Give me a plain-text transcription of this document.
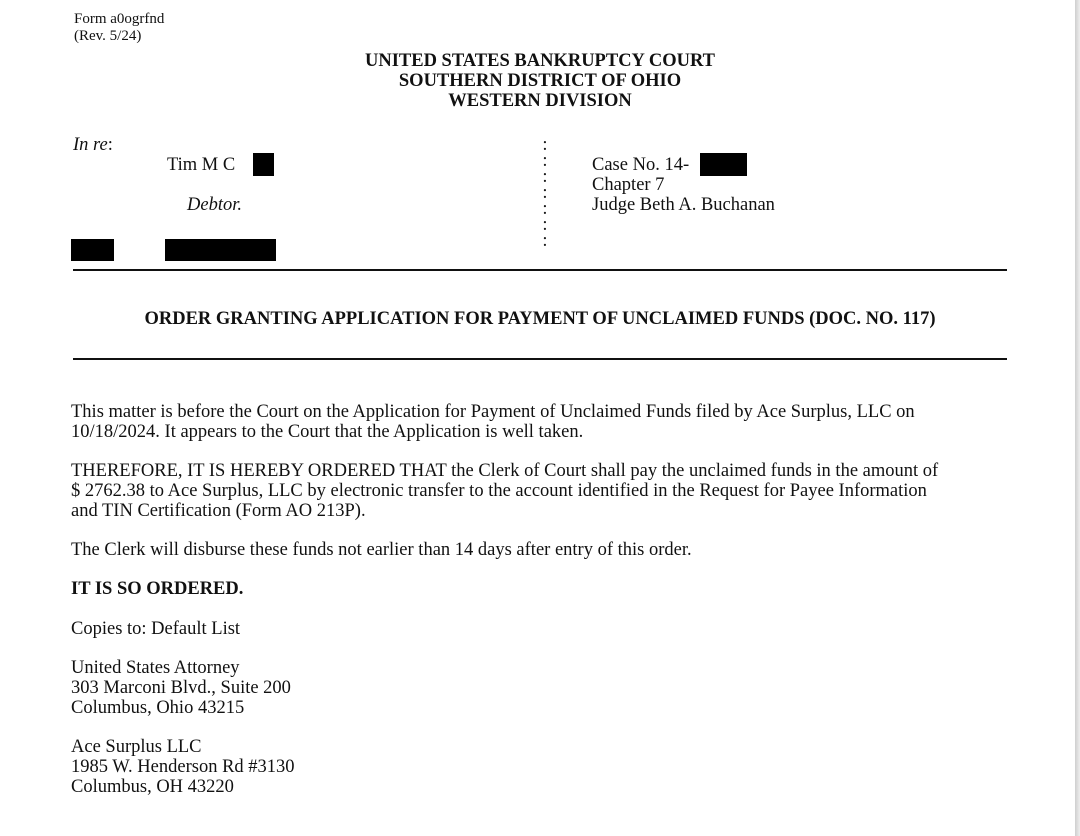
Form a0ogrfnd
(Rev. 5/24)
UNITED STATES BANKRUPTCY COURT
SOUTHERN DISTRICT OF OHIO
WESTERN DIVISION
In re:
Tim M C
Debtor.
:
:
:
:
:
:
:
Case No. 14-
Chapter 7
Judge Beth A. Buchanan
ORDER GRANTING APPLICATION FOR PAYMENT OF UNCLAIMED FUNDS (DOC. NO. 117)
This matter is before the Court on the Application for Payment of Unclaimed Funds filed by Ace Surplus, LLC on
10/18/2024. It appears to the Court that the Application is well taken.
THEREFORE, IT IS HEREBY ORDERED THAT the Clerk of Court shall pay the unclaimed funds in the amount of
$ 2762.38 to Ace Surplus, LLC by electronic transfer to the account identified in the Request for Payee Information
and TIN Certification (Form AO 213P).
The Clerk will disburse these funds not earlier than 14 days after entry of this order.
IT IS SO ORDERED.
Copies to: Default List
United States Attorney
303 Marconi Blvd., Suite 200
Columbus, Ohio 43215
Ace Surplus LLC
1985 W. Henderson Rd #3130
Columbus, OH 43220
